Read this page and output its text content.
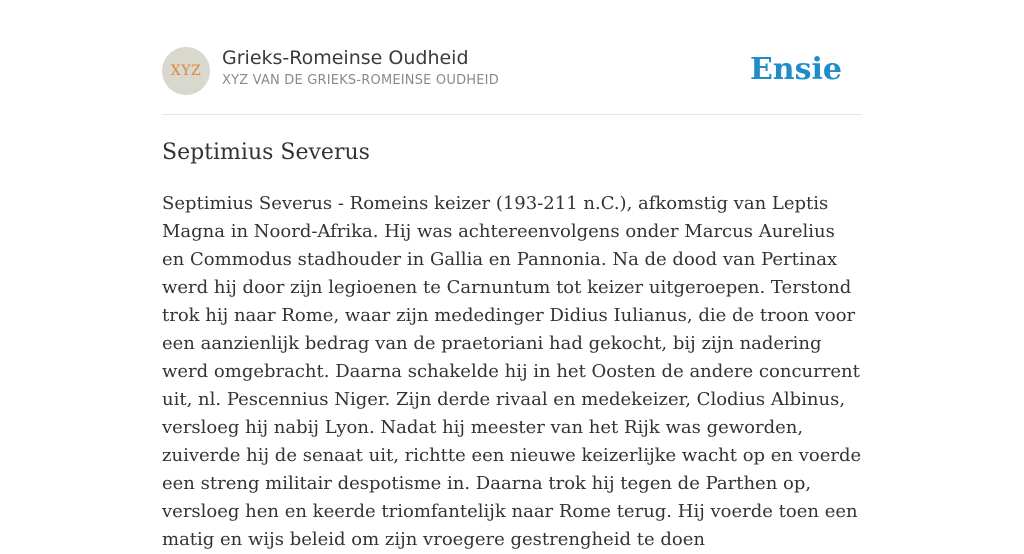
XYZ
Grieks-Romeinse Oudheid
XYZ VAN DE GRIEKS-ROMEINSE OUDHEID	Ensie
Septimius Severus

Septimius Severus - Romeins keizer (193-211 n.C.), afkomstig van Leptis Magna in Noord-Afrika. Hij was achtereenvolgens onder Marcus Aurelius en Commodus stadhouder in Gallia en Pannonia. Na de dood van Pertinax werd hij door zijn legioenen te Carnuntum tot keizer uitgeroepen. Terstond trok hij naar Rome, waar zijn mededinger Didius Iulianus, die de troon voor een aanzienlijk bedrag van de praetoriani had gekocht, bij zijn nadering werd omgebracht. Daarna schakelde hij in het Oosten de andere concurrent uit, nl. Pescennius Niger. Zijn derde rivaal en medekeizer, Clodius Albinus, versloeg hij nabij Lyon. Nadat hij meester van het Rijk was geworden, zuiverde hij de senaat uit, richtte een nieuwe keizerlijke wacht op en voerde een streng militair despotisme in. Daarna trok hij tegen de Parthen op, versloeg hen en keerde triomfantelijk naar Rome terug. Hij voerde toen een matig en wijs beleid om zijn vroegere gestrengheid te doen
